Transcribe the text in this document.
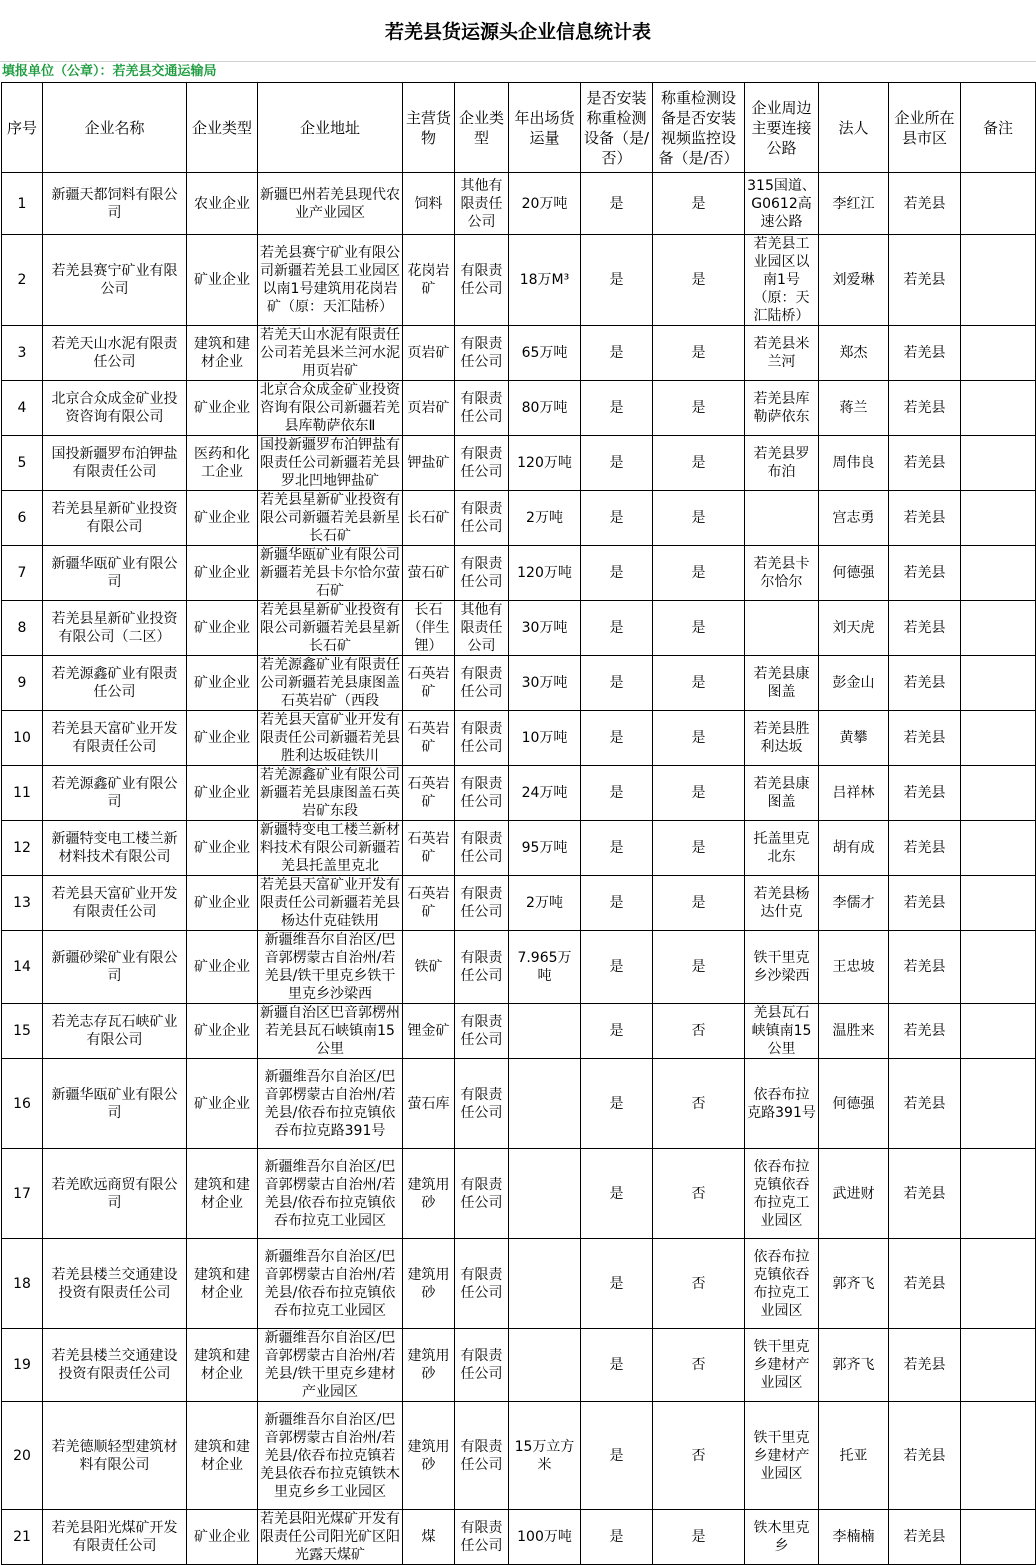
若羌县货运源头企业信息统计表
填报单位（公章）：若羌县交通运输局
序号	企业名称	企业类型	企业地址	主营货物	企业类型	年出场货运量	是否安装称重检测设备（是/否）	称重检测设备是否安装视频监控设备（是/否）	企业周边主要连接公路	法人	企业所在县市区	备注
1	新疆天都饲料有限公司	农业企业	新疆巴州若羌县现代农业产业园区	饲料	其他有限责任公司	20万吨	是	是	315国道、G0612高速公路	李红江	若羌县	
2	若羌县赛宁矿业有限公司	矿业企业	若羌县赛宁矿业有限公司新疆若羌县工业园区以南1号建筑用花岗岩矿（原：天汇陆桥）	花岗岩矿	有限责任公司	18万M³	是	是	若羌县工业园区以南1号（原：天汇陆桥）	刘爱琳	若羌县	
3	若羌天山水泥有限责任公司	建筑和建材企业	若羌天山水泥有限责任公司若羌县米兰河水泥用页岩矿	页岩矿	有限责任公司	65万吨	是	是	若羌县米兰河	郑杰	若羌县	
4	北京合众成金矿业投资咨询有限公司	矿业企业	北京合众成金矿业投资咨询有限公司新疆若羌县库勒萨依东Ⅱ	页岩矿	有限责任公司	80万吨	是	是	若羌县库勒萨依东	蒋兰	若羌县	
5	国投新疆罗布泊钾盐有限责任公司	医药和化工企业	国投新疆罗布泊钾盐有限责任公司新疆若羌县罗北凹地钾盐矿	钾盐矿	有限责任公司	120万吨	是	是	若羌县罗布泊	周伟良	若羌县	
6	若羌县星新矿业投资有限公司	矿业企业	若羌县星新矿业投资有限公司新疆若羌县新星长石矿	长石矿	有限责任公司	2万吨	是	是		宫志勇	若羌县	
7	新疆华瓯矿业有限公司	矿业企业	新疆华瓯矿业有限公司新疆若羌县卡尔恰尔萤石矿	萤石矿	有限责任公司	120万吨	是	是	若羌县卡尔恰尔	何德强	若羌县	
8	若羌县星新矿业投资有限公司（二区）	矿业企业	若羌县星新矿业投资有限公司新疆若羌县星新长石矿	长石（伴生锂）	其他有限责任公司	30万吨	是	是		刘天虎	若羌县	
9	若羌源鑫矿业有限责任公司	矿业企业	若羌源鑫矿业有限责任公司新疆若羌县康图盖石英岩矿（西段	石英岩矿	有限责任公司	30万吨	是	是	若羌县康图盖	彭金山	若羌县	
10	若羌县天富矿业开发有限责任公司	矿业企业	若羌县天富矿业开发有限责任公司新疆若羌县胜利达坂硅铁川	石英岩矿	有限责任公司	10万吨	是	是	若羌县胜利达坂	黄攀	若羌县	
11	若羌源鑫矿业有限公司	矿业企业	若羌源鑫矿业有限公司新疆若羌县康图盖石英岩矿东段	石英岩矿	有限责任公司	24万吨	是	是	若羌县康图盖	吕祥林	若羌县	
12	新疆特变电工楼兰新材料技术有限公司	矿业企业	新疆特变电工楼兰新材料技术有限公司新疆若羌县托盖里克北	石英岩矿	有限责任公司	95万吨	是	是	托盖里克北东	胡有成	若羌县	
13	若羌县天富矿业开发有限责任公司	矿业企业	若羌县天富矿业开发有限责任公司新疆若羌县杨达什克硅铁用	石英岩矿	有限责任公司	2万吨	是	是	若羌县杨达什克	李儒才	若羌县	
14	新疆砂梁矿业有限公司	矿业企业	新疆维吾尔自治区/巴音郭楞蒙古自治州/若羌县/铁干里克乡铁干里克乡沙梁西	铁矿	有限责任公司	7.965万吨	是	是	铁干里克乡沙梁西	王忠坡	若羌县	
15	若羌志存瓦石峡矿业有限公司	矿业企业	新疆自治区巴音郭楞州若羌县瓦石峡镇南15公里	锂金矿	有限责任公司		是	否	羌县瓦石峡镇南15公里	温胜来	若羌县	
16	新疆华瓯矿业有限公司	矿业企业	新疆维吾尔自治区/巴音郭楞蒙古自治州/若羌县/依吞布拉克镇依吞布拉克路391号	萤石库	有限责任公司		是	否	依吞布拉克路391号	何德强	若羌县	
17	若羌欧远商贸有限公司	建筑和建材企业	新疆维吾尔自治区/巴音郭楞蒙古自治州/若羌县/依吞布拉克镇依吞布拉克工业园区	建筑用砂	有限责任公司		是	否	依吞布拉克镇依吞布拉克工业园区	武进财	若羌县	
18	若羌县楼兰交通建设投资有限责任公司	建筑和建材企业	新疆维吾尔自治区/巴音郭楞蒙古自治州/若羌县/依吞布拉克镇依吞布拉克工业园区	建筑用砂	有限责任公司		是	否	依吞布拉克镇依吞布拉克工业园区	郭齐飞	若羌县	
19	若羌县楼兰交通建设投资有限责任公司	建筑和建材企业	新疆维吾尔自治区/巴音郭楞蒙古自治州/若羌县/铁干里克乡建材产业园区	建筑用砂	有限责任公司		是	否	铁干里克乡建材产业园区	郭齐飞	若羌县	
20	若羌德顺轻型建筑材料有限公司	建筑和建材企业	新疆维吾尔自治区/巴音郭楞蒙古自治州/若羌县/依吞布拉克镇若羌县依吞布拉克镇铁木里克乡乡工业园区	建筑用砂	有限责任公司	15万立方米	是	否	铁干里克乡建材产业园区	托亚	若羌县	
21	若羌县阳光煤矿开发有限责任公司	矿业企业	若羌县阳光煤矿开发有限责任公司阳光矿区阳光露天煤矿	煤	有限责任公司	100万吨	是	是	铁木里克乡	李楠楠	若羌县	
